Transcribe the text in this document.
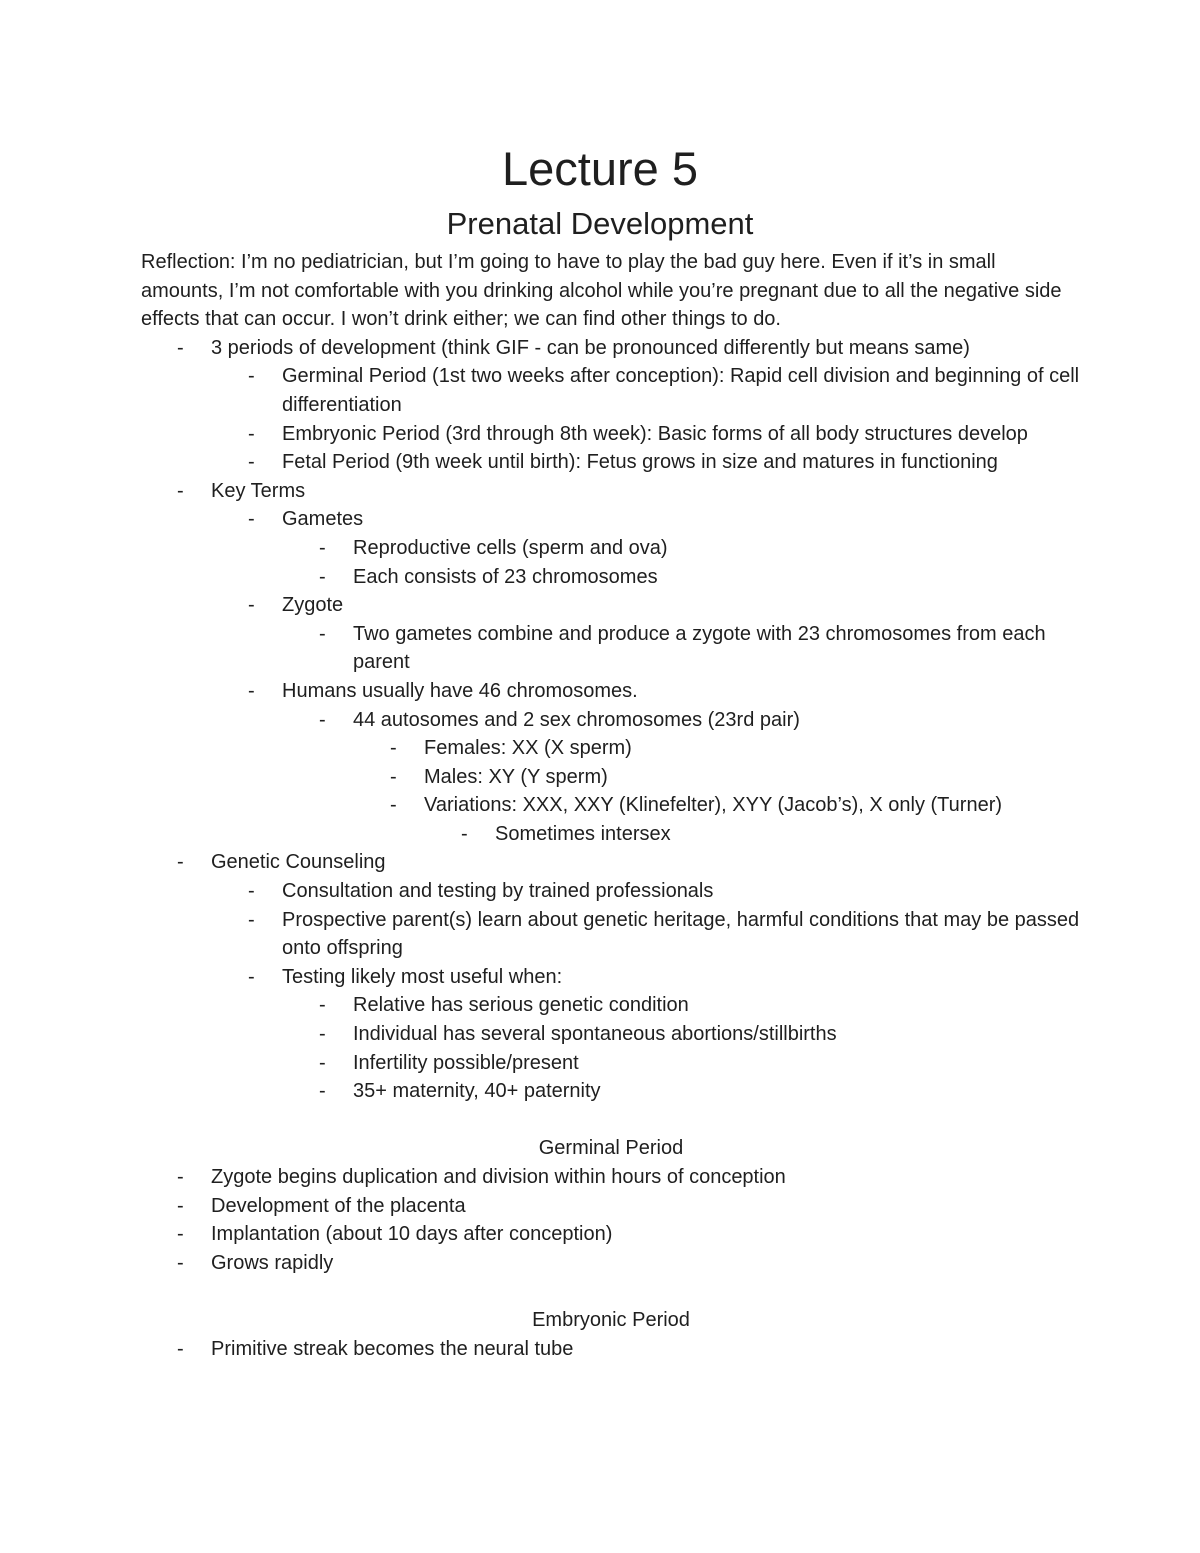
Lecture 5
Prenatal Development

Reflection: I’m no pediatrician, but I’m going to have to play the bad guy here. Even if it’s in small amounts, I’m not comfortable with you drinking alcohol while you’re pregnant due to all the negative side effects that can occur. I won’t drink either; we can find other things to do.

- 3 periods of development (think GIF - can be pronounced differently but means same)
- Germinal Period (1st two weeks after conception): Rapid cell division and beginning of cell differentiation
- Embryonic Period (3rd through 8th week): Basic forms of all body structures develop
- Fetal Period (9th week until birth): Fetus grows in size and matures in functioning
- Key Terms
- Gametes
- Reproductive cells (sperm and ova)
- Each consists of 23 chromosomes
- Zygote
- Two gametes combine and produce a zygote with 23 chromosomes from each parent
- Humans usually have 46 chromosomes.
- 44 autosomes and 2 sex chromosomes (23rd pair)
- Females: XX (X sperm)
- Males: XY (Y sperm)
- Variations: XXX, XXY (Klinefelter), XYY (Jacob’s), X only (Turner)
- Sometimes intersex
- Genetic Counseling
- Consultation and testing by trained professionals
- Prospective parent(s) learn about genetic heritage, harmful conditions that may be passed onto offspring
- Testing likely most useful when:
- Relative has serious genetic condition
- Individual has several spontaneous abortions/stillbirths
- Infertility possible/present
- 35+ maternity, 40+ paternity

Germinal Period

- Zygote begins duplication and division within hours of conception
- Development of the placenta
- Implantation (about 10 days after conception)
- Grows rapidly

Embryonic Period

- Primitive streak becomes the neural tube
